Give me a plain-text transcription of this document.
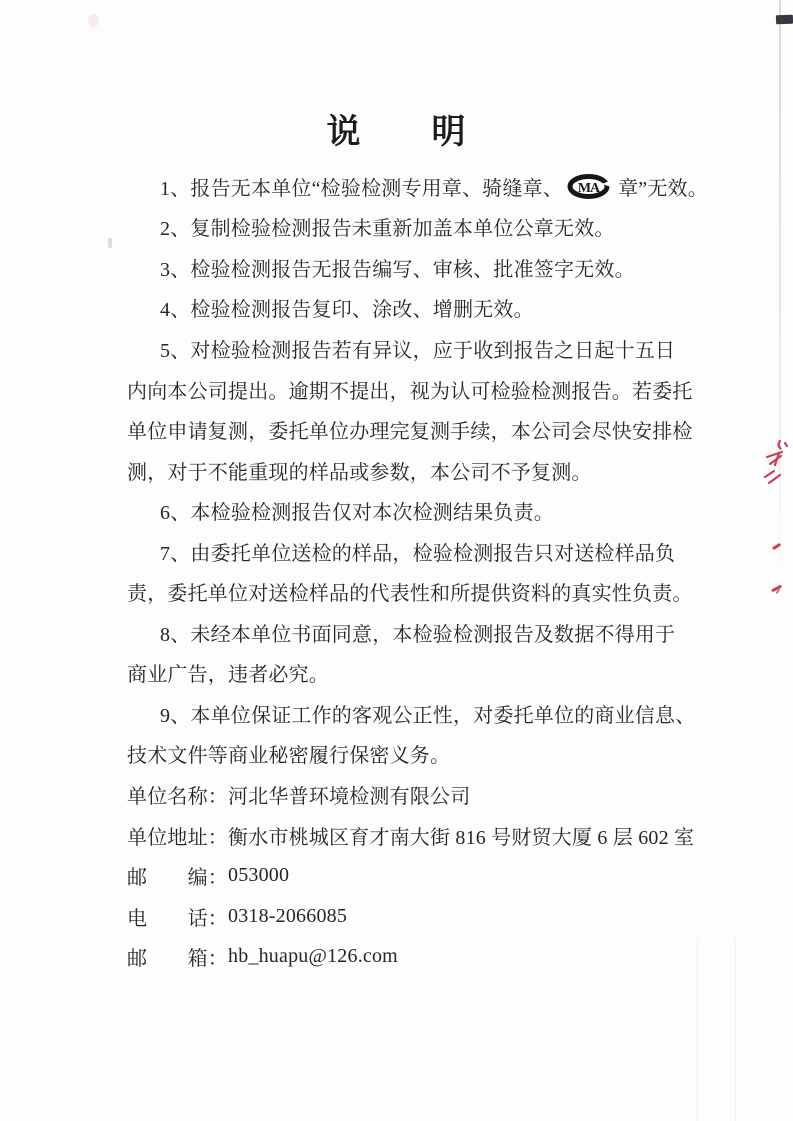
说　　明
1、报告无本单位“检验检测专用章、骑缝章、 MA 章”无效。
2、复制检验检测报告未重新加盖本单位公章无效。
3、检验检测报告无报告编写、审核、批准签字无效。
4、检验检测报告复印、涂改、增删无效。
5、对检验检测报告若有异议，应于收到报告之日起十五日
内向本公司提出。逾期不提出，视为认可检验检测报告。若委托
单位申请复测，委托单位办理完复测手续，本公司会尽快安排检
测，对于不能重现的样品或参数，本公司不予复测。
6、本检验检测报告仅对本次检测结果负责。
7、由委托单位送检的样品，检验检测报告只对送检样品负
责，委托单位对送检样品的代表性和所提供资料的真实性负责。
8、未经本单位书面同意，本检验检测报告及数据不得用于
商业广告，违者必究。
9、本单位保证工作的客观公正性，对委托单位的商业信息、
技术文件等商业秘密履行保密义务。
单位名称： 河北华普环境检测有限公司
单位地址： 衡水市桃城区育才南大街 816 号财贸大厦 6 层 602 室
邮　　编： 053000
电　　话： 0318-2066085
邮　　箱： hb_huapu@126.com
